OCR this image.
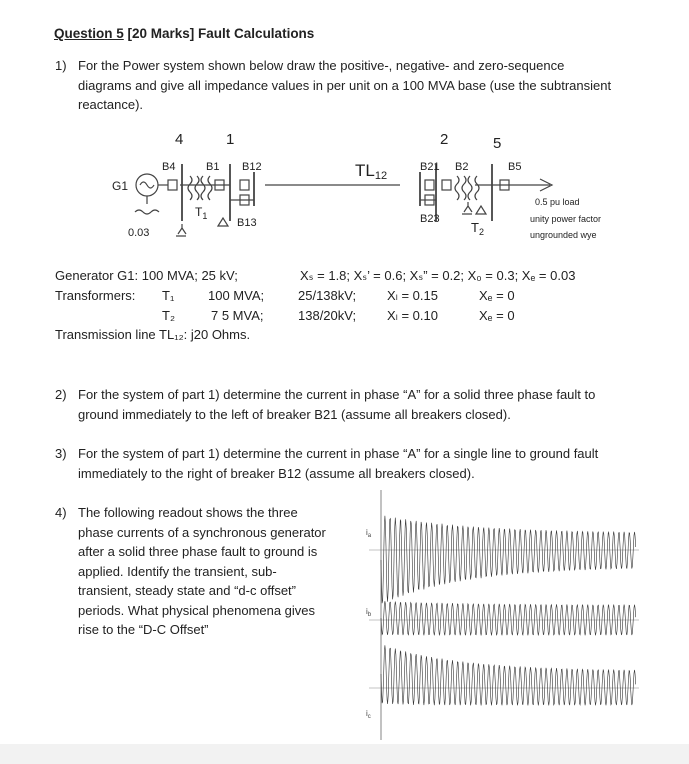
Question 5 [20 Marks] Fault Calculations
1) For the Power system shown below draw the positive-, negative- and zero-sequence
diagrams and give all impedance values in per unit on a 100 MVA base (use the subtransient
reactance).
4	1	2	5
B4	B1 B12
B13
B21 B2
B23
B5
G1
TL12
$T_1$
$T_2$
0.03
0.5 pu load
unity power factor
ungrounded wye
Generator G1: 100 MVA; 25 kV;	Xₛ = 1.8; Xₛ’ = 0.6; Xₛ” = 0.2; X₀ = 0.3; Xₑ = 0.03
Transformers: T₁	100 MVA;	25/138kV; Xₗ = 0.15	Xₑ = 0
T₂	7 5 MVA;	138/20kV; Xₗ = 0.10	Xₑ = 0
Transmission line TL₁₂: j20 Ohms.
2) For the system of part 1) determine the current in phase “A” for a solid three phase fault to
ground immediately to the left of breaker B21 (assume all breakers closed).
3) For the system of part 1) determine the current in phase “A” for a single line to ground fault
immediately to the right of breaker B12 (assume all breakers closed).
4) The following readout shows the three
phase currents of a synchronous generator
after a solid three phase fault to ground is
applied. Identify the transient, sub-
transient, steady state and “d-c offset”
periods. What physical phenomena gives
rise to the “D-C Offset”
$i_a$
$i_b$
$i_c$
